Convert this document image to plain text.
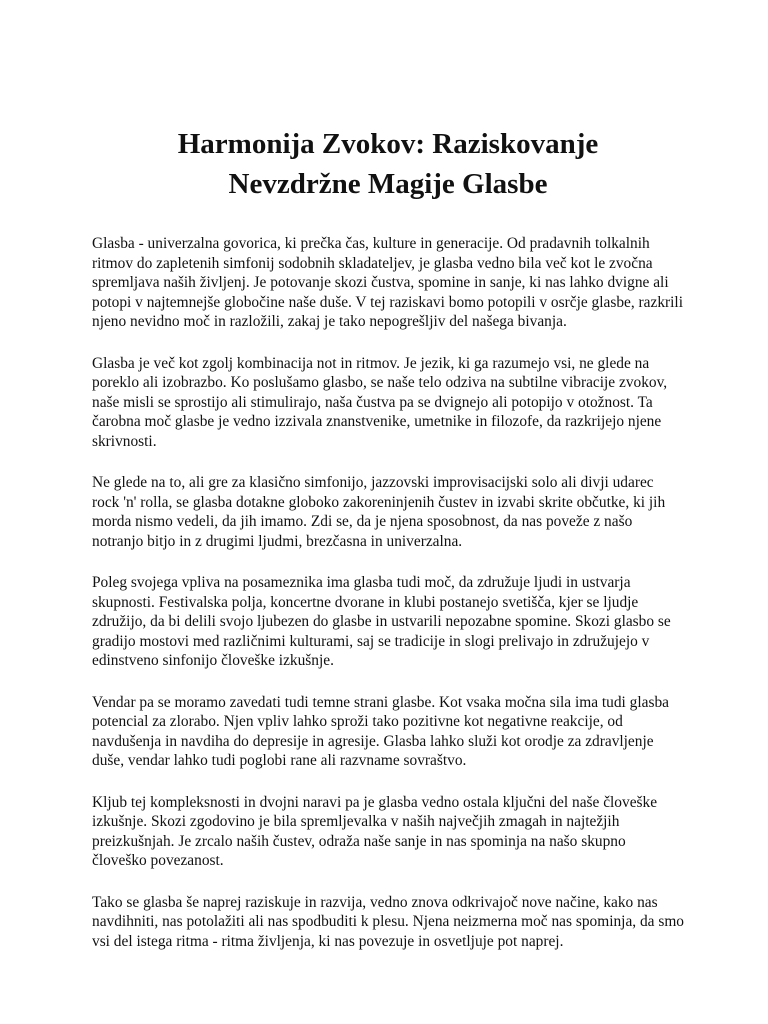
Harmonija Zvokov: Raziskovanje
Nevzdržne Magije Glasbe

Glasba - univerzalna govorica, ki prečka čas, kulture in generacije. Od pradavnih tolkalnih ritmov do zapletenih simfonij sodobnih skladateljev, je glasba vedno bila več kot le zvočna spremljava naših življenj. Je potovanje skozi čustva, spomine in sanje, ki nas lahko dvigne ali potopi v najtemnejše globočine naše duše. V tej raziskavi bomo potopili v osrčje glasbe, razkrili njeno nevidno moč in razložili, zakaj je tako nepogrešljiv del našega bivanja.

Glasba je več kot zgolj kombinacija not in ritmov. Je jezik, ki ga razumejo vsi, ne glede na poreklo ali izobrazbo. Ko poslušamo glasbo, se naše telo odziva na subtilne vibracije zvokov, naše misli se sprostijo ali stimulirajo, naša čustva pa se dvignejo ali potopijo v otožnost. Ta čarobna moč glasbe je vedno izzivala znanstvenike, umetnike in filozofe, da razkrijejo njene skrivnosti.

Ne glede na to, ali gre za klasično simfonijo, jazzovski improvisacijski solo ali divji udarec rock 'n' rolla, se glasba dotakne globoko zakoreninjenih čustev in izvabi skrite občutke, ki jih morda nismo vedeli, da jih imamo. Zdi se, da je njena sposobnost, da nas poveže z našo notranjo bitjo in z drugimi ljudmi, brezčasna in univerzalna.

Poleg svojega vpliva na posameznika ima glasba tudi moč, da združuje ljudi in ustvarja skupnosti. Festivalska polja, koncertne dvorane in klubi postanejo svetišča, kjer se ljudje združijo, da bi delili svojo ljubezen do glasbe in ustvarili nepozabne spomine. Skozi glasbo se gradijo mostovi med različnimi kulturami, saj se tradicije in slogi prelivajo in združujejo v edinstveno sinfonijo človeške izkušnje.

Vendar pa se moramo zavedati tudi temne strani glasbe. Kot vsaka močna sila ima tudi glasba potencial za zlorabo. Njen vpliv lahko sproži tako pozitivne kot negativne reakcije, od navdušenja in navdiha do depresije in agresije. Glasba lahko služi kot orodje za zdravljenje duše, vendar lahko tudi poglobi rane ali razvname sovraštvo.

Kljub tej kompleksnosti in dvojni naravi pa je glasba vedno ostala ključni del naše človeške izkušnje. Skozi zgodovino je bila spremljevalka v naših največjih zmagah in najtežjih preizkušnjah. Je zrcalo naših čustev, odraža naše sanje in nas spominja na našo skupno človeško povezanost.

Tako se glasba še naprej raziskuje in razvija, vedno znova odkrivajoč nove načine, kako nas navdihniti, nas potolažiti ali nas spodbuditi k plesu. Njena neizmerna moč nas spominja, da smo vsi del istega ritma - ritma življenja, ki nas povezuje in osvetljuje pot naprej.
